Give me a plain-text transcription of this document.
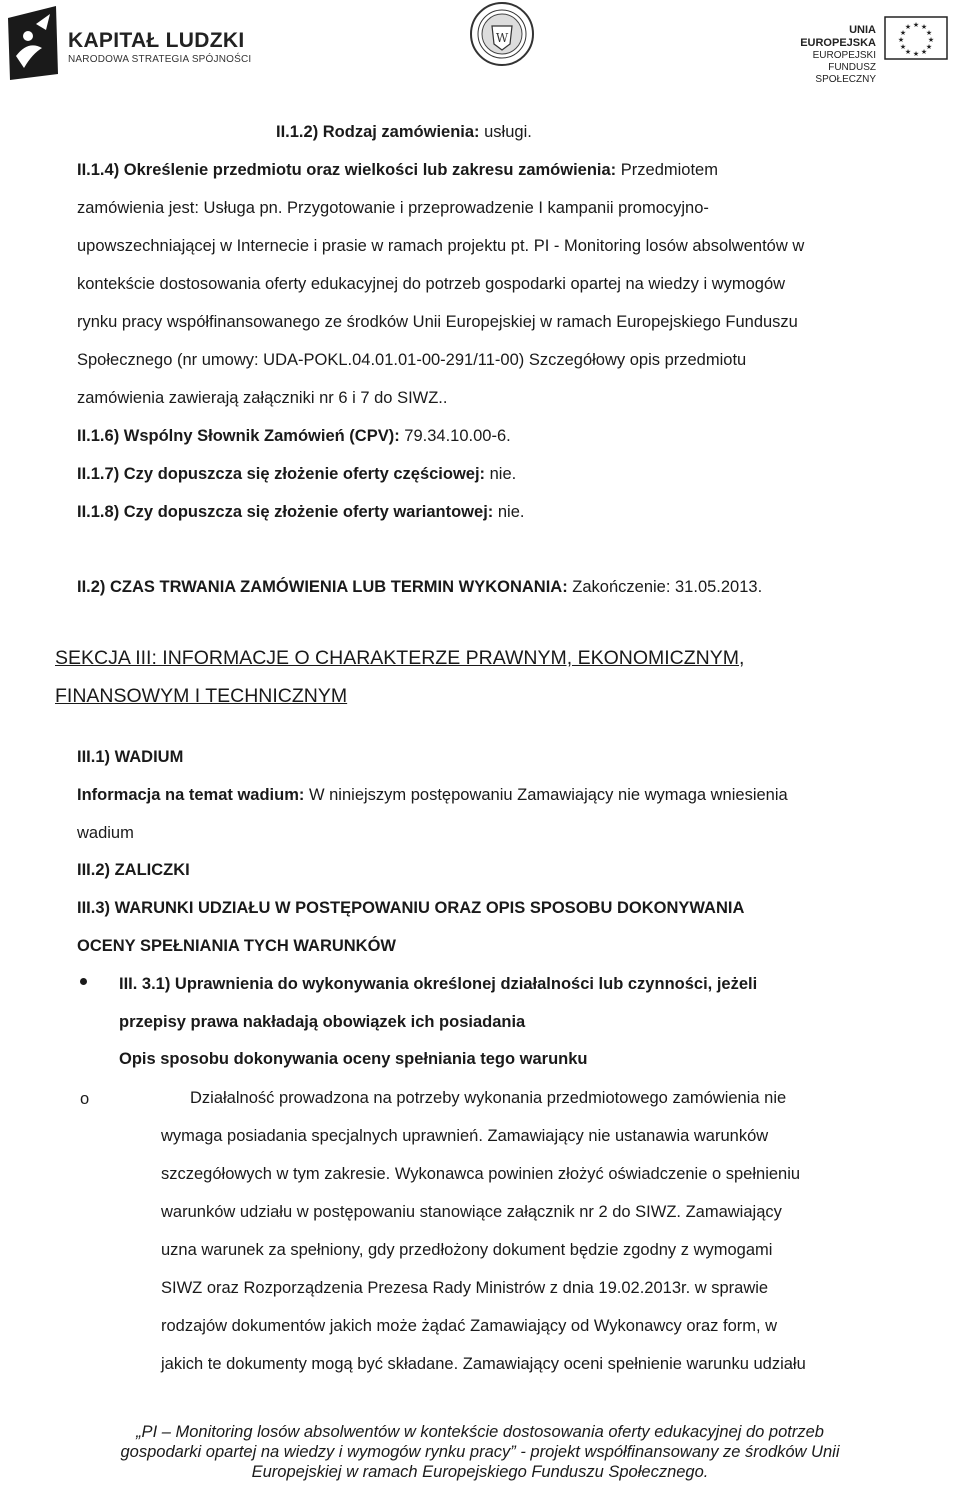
KAPITAŁ LUDZKI
NARODOWA STRATEGIA SPÓJNOŚCI
W
UNIA EUROPEJSKA
EUROPEJSKI
FUNDUSZ SPOŁECZNY
★ ★
★
★
★
★
★
★
★
★
★
★
II.1.2) Rodzaj zamówienia: usługi.
II.1.4) Określenie przedmiotu oraz wielkości lub zakresu zamówienia: Przedmiotem
zamówienia jest: Usługa pn. Przygotowanie i przeprowadzenie I kampanii promocyjno-
upowszechniającej w Internecie i prasie w ramach projektu pt. PI - Monitoring losów absolwentów w
kontekście dostosowania oferty edukacyjnej do potrzeb gospodarki opartej na wiedzy i wymogów
rynku pracy współfinansowanego ze środków Unii Europejskiej w ramach Europejskiego Funduszu
Społecznego (nr umowy: UDA-POKL.04.01.01-00-291/11-00) Szczegółowy opis przedmiotu
zamówienia zawierają załączniki nr 6 i 7 do SIWZ..
II.1.6) Wspólny Słownik Zamówień (CPV): 79.34.10.00-6.
II.1.7) Czy dopuszcza się złożenie oferty częściowej: nie.
II.1.8) Czy dopuszcza się złożenie oferty wariantowej: nie.
II.2) CZAS TRWANIA ZAMÓWIENIA LUB TERMIN WYKONANIA: Zakończenie: 31.05.2013.
SEKCJA III: INFORMACJE O CHARAKTERZE PRAWNYM, EKONOMICZNYM,
FINANSOWYM I TECHNICZNYM
III.1) WADIUM
Informacja na temat wadium: W niniejszym postępowaniu Zamawiający nie wymaga wniesienia
wadium
III.2) ZALICZKI
III.3) WARUNKI UDZIAŁU W POSTĘPOWANIU ORAZ OPIS SPOSOBU DOKONYWANIA
OCENY SPEŁNIANIA TYCH WARUNKÓW
III. 3.1) Uprawnienia do wykonywania określonej działalności lub czynności, jeżeli
przepisy prawa nakładają obowiązek ich posiadania
Opis sposobu dokonywania oceny spełniania tego warunku
o	Działalność prowadzona na potrzeby wykonania przedmiotowego zamówienia nie
wymaga posiadania specjalnych uprawnień. Zamawiający nie ustanawia warunków
szczegółowych w tym zakresie. Wykonawca powinien złożyć oświadczenie o spełnieniu
warunków udziału w postępowaniu stanowiące załącznik nr 2 do SIWZ. Zamawiający
uzna warunek za spełniony, gdy przedłożony dokument będzie zgodny z wymogami
SIWZ oraz Rozporządzenia Prezesa Rady Ministrów z dnia 19.02.2013r. w sprawie
rodzajów dokumentów jakich może żądać Zamawiający od Wykonawcy oraz form, w
jakich te dokumenty mogą być składane. Zamawiający oceni spełnienie warunku udziału
„PI – Monitoring losów absolwentów w kontekście dostosowania oferty edukacyjnej do potrzeb
gospodarki opartej na wiedzy i wymogów rynku pracy” - projekt współfinansowany ze środków Unii
Europejskiej w ramach Europejskiego Funduszu Społecznego.
